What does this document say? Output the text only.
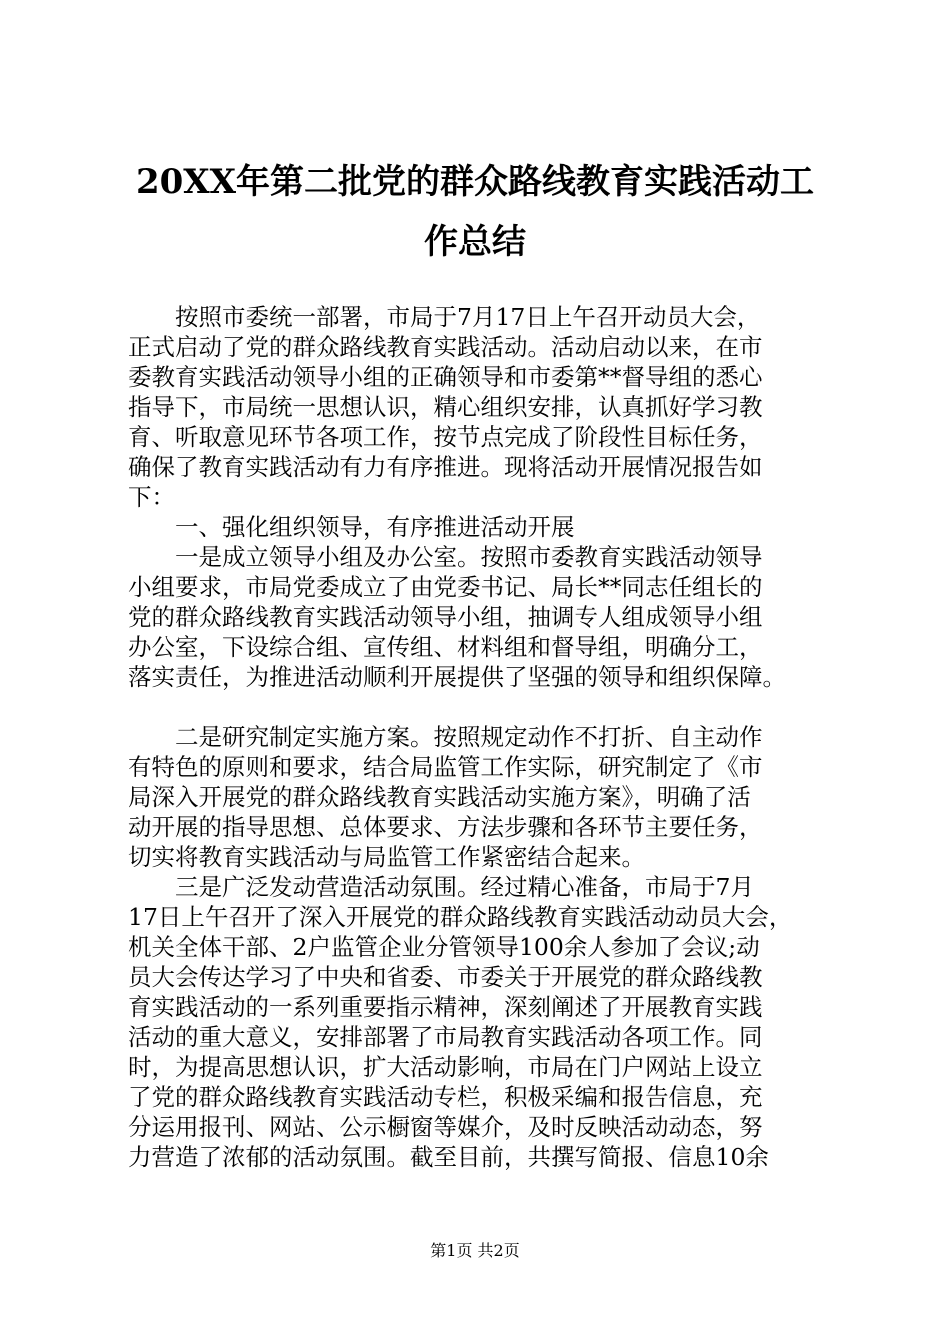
20XX年第二批党的群众路线教育实践活动工
作总结
　　按照市委统一部署，市局于7月17日上午召开动员大会，
正式启动了党的群众路线教育实践活动。活动启动以来，在市
委教育实践活动领导小组的正确领导和市委第**督导组的悉心
指导下，市局统一思想认识，精心组织安排，认真抓好学习教
育、听取意见环节各项工作，按节点完成了阶段性目标任务，
确保了教育实践活动有力有序推进。现将活动开展情况报告如
下：
　　一、强化组织领导，有序推进活动开展
　　一是成立领导小组及办公室。按照市委教育实践活动领导
小组要求，市局党委成立了由党委书记、局长**同志任组长的
党的群众路线教育实践活动领导小组，抽调专人组成领导小组
办公室，下设综合组、宣传组、材料组和督导组，明确分工，
落实责任，为推进活动顺利开展提供了坚强的领导和组织保障。
　　二是研究制定实施方案。按照规定动作不打折、自主动作
有特色的原则和要求，结合局监管工作实际，研究制定了《市
局深入开展党的群众路线教育实践活动实施方案》，明确了活
动开展的指导思想、总体要求、方法步骤和各环节主要任务，
切实将教育实践活动与局监管工作紧密结合起来。
　　三是广泛发动营造活动氛围。经过精心准备，市局于7月
17日上午召开了深入开展党的群众路线教育实践活动动员大会，
机关全体干部、2户监管企业分管领导100余人参加了会议;动
员大会传达学习了中央和省委、市委关于开展党的群众路线教
育实践活动的一系列重要指示精神，深刻阐述了开展教育实践
活动的重大意义，安排部署了市局教育实践活动各项工作。同
时，为提高思想认识，扩大活动影响，市局在门户网站上设立
了党的群众路线教育实践活动专栏，积极采编和报告信息，充
分运用报刊、网站、公示橱窗等媒介，及时反映活动动态，努
力营造了浓郁的活动氛围。截至目前，共撰写简报、信息10余
第1页 共2页
